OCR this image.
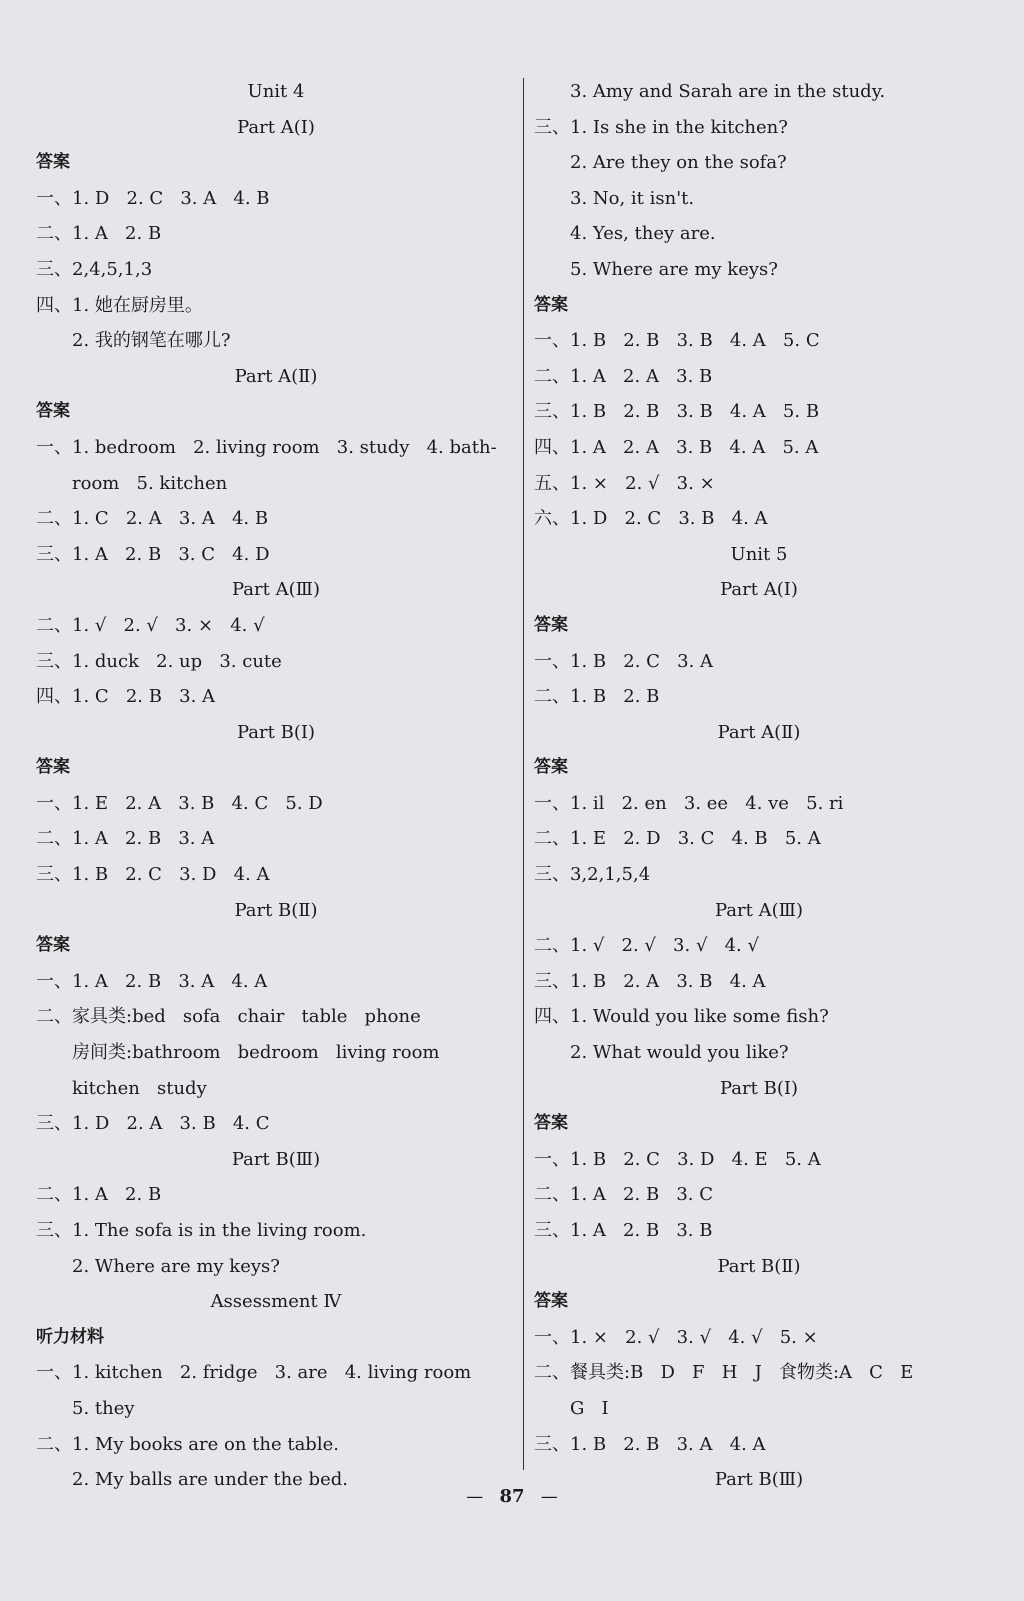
Unit 4
Part A(Ⅰ)
答案
一、1. D   2. C   3. A   4. B
二、1. A   2. B
三、2,4,5,1,3
四、1. 她在厨房里。
2. 我的钢笔在哪儿?
Part A(Ⅱ)
答案
一、1. bedroom   2. living room   3. study   4. bath-
room   5. kitchen
二、1. C   2. A   3. A   4. B
三、1. A   2. B   3. C   4. D
Part A(Ⅲ)
二、1. √   2. √   3. ×   4. √
三、1. duck   2. up   3. cute
四、1. C   2. B   3. A
Part B(Ⅰ)
答案
一、1. E   2. A   3. B   4. C   5. D
二、1. A   2. B   3. A
三、1. B   2. C   3. D   4. A
Part B(Ⅱ)
答案
一、1. A   2. B   3. A   4. A
二、家具类:bed   sofa   chair   table   phone
房间类:bathroom   bedroom   living room
kitchen   study
三、1. D   2. A   3. B   4. C
Part B(Ⅲ)
二、1. A   2. B
三、1. The sofa is in the living room.
2. Where are my keys?
Assessment Ⅳ
听力材料
一、1. kitchen   2. fridge   3. are   4. living room
5. they
二、1. My books are on the table.
2. My balls are under the bed.
3. Amy and Sarah are in the study.
三、1. Is she in the kitchen?
2. Are they on the sofa?
3. No, it isn't.
4. Yes, they are.
5. Where are my keys?
答案
一、1. B   2. B   3. B   4. A   5. C
二、1. A   2. A   3. B
三、1. B   2. B   3. B   4. A   5. B
四、1. A   2. A   3. B   4. A   5. A
五、1. ×   2. √   3. ×
六、1. D   2. C   3. B   4. A
Unit 5
Part A(Ⅰ)
答案
一、1. B   2. C   3. A
二、1. B   2. B
Part A(Ⅱ)
答案
一、1. il   2. en   3. ee   4. ve   5. ri
二、1. E   2. D   3. C   4. B   5. A
三、3,2,1,5,4
Part A(Ⅲ)
二、1. √   2. √   3. √   4. √
三、1. B   2. A   3. B   4. A
四、1. Would you like some fish?
2. What would you like?
Part B(Ⅰ)
答案
一、1. B   2. C   3. D   4. E   5. A
二、1. A   2. B   3. C
三、1. A   2. B   3. B
Part B(Ⅱ)
答案
一、1. ×   2. √   3. √   4. √   5. ×
二、餐具类:B   D   F   H   J   食物类:A   C   E
G   I
三、1. B   2. B   3. A   4. A
Part B(Ⅲ)
— 87 —
